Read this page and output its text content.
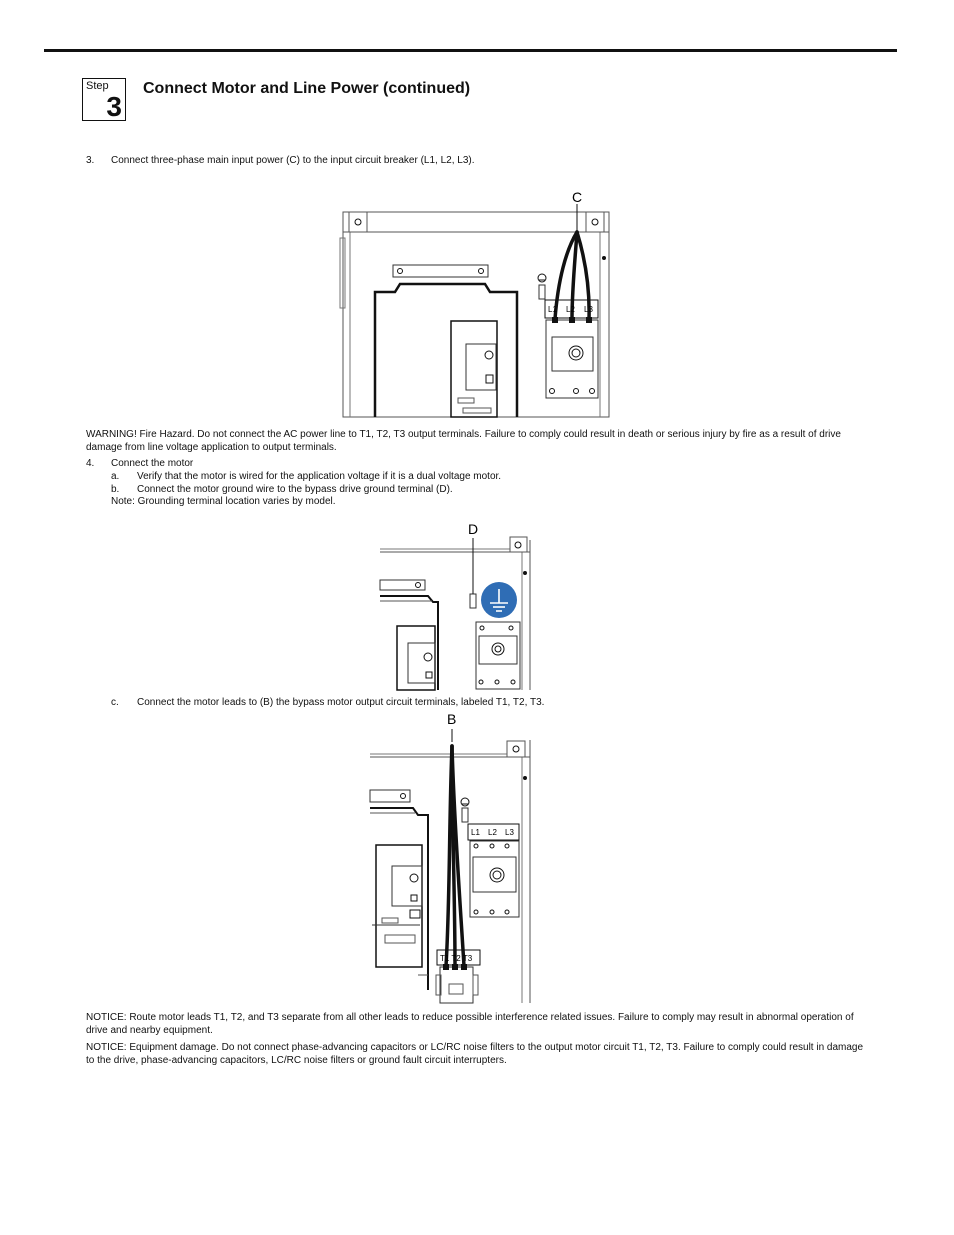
Step
3
Connect Motor and Line Power (continued)
3. Connect three-phase main input power (C) to the input circuit breaker (L1, L2, L3).
C
L1 L2 L3
WARNING! Fire Hazard. Do not connect the AC power line to T1, T2, T3 output terminals. Failure to comply could result in death or serious injury by fire as a result of drive damage from line voltage application to output terminals.
4. Connect the motor
a. Verify that the motor is wired for the application voltage if it is a dual voltage motor.
b. Connect the motor ground wire to the bypass drive ground terminal (D).
Note: Grounding terminal location varies by model.
D
c. Connect the motor leads to (B) the bypass motor output circuit terminals, labeled T1, T2, T3.
B
L1 L2 L3
T1 T2 T3
NOTICE: Route motor leads T1, T2, and T3 separate from all other leads to reduce possible interference related issues. Failure to comply may result in abnormal operation of drive and nearby equipment.
NOTICE: Equipment damage. Do not connect phase-advancing capacitors or LC/RC noise filters to the output motor circuit T1, T2, T3. Failure to comply could result in damage to the drive, phase-advancing capacitors, LC/RC noise filters or ground fault circuit interrupters.
